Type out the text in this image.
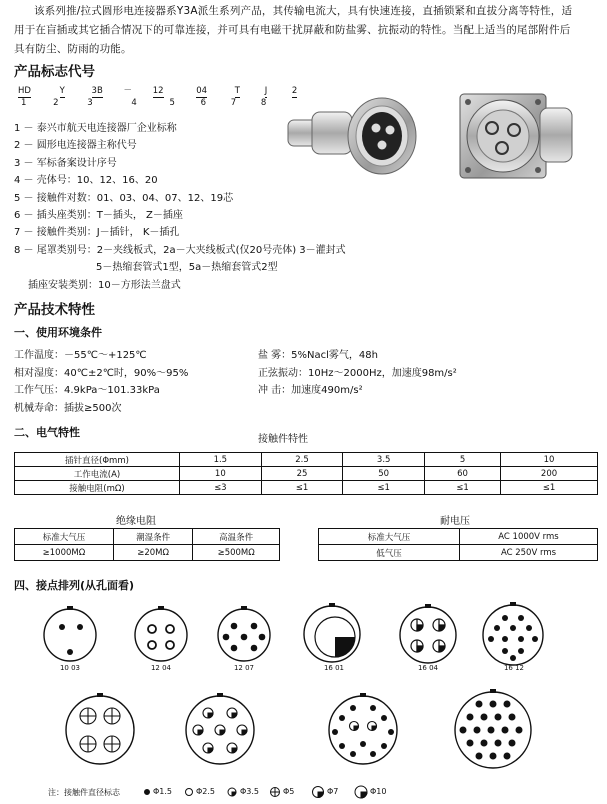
该系列推/拉式圆形电连接器系Y3A派生系列产品，其传输电流大，具有快速连接，直插锁紧和直拔分离等特性，适
用于在盲插或其它插合情况下的可靠连接，并可具有电磁干扰屏蔽和防盐雾、抗振动的特性。当配上适当的尾部附件后
具有防尘、防雨的功能。
产品标志代号
HD	Y	3B － 12	04	T	J	2
1	2	3	4	5	6	7	8
1 － 泰兴市航天电连接器厂企业标称
2 － 圆形电连接器主称代号
3 － 军标备案设计序号
4 － 壳体号：10、12、16、20
5 － 接触件对数：01、03、04、07、12、19芯
6 － 插头座类别：T－插头， Z－插座
7 － 接触件类别：J－插针， K－插孔
8 － 尾罩类别号：2－夹线板式，2a－大夹线板式(仅20号壳体) 3－灌封式
5－热缩套管式1型，5a－热缩套管式2型
插座安装类别：10－方形法兰盘式
产品技术特性
一、使用环境条件
工作温度：－55℃～+125℃
相对湿度：40℃±2℃时，90%～95%
工作气压：4.9kPa～101.33kPa
机械寿命：插拔≥500次
盐 雾：5%Nacl雾气，48h
正弦振动：10Hz～2000Hz，加速度98m/s²
冲 击：加速度490m/s²
二、电气特性
接触件特性
插针直径(Φmm)	1.5	2.5	3.5	5	10
工作电流(A)	10	25	50	60	200
接触电阻(mΩ)	≤3	≤1	≤1	≤1	≤1
绝缘电阻	耐电压
标准大气压	潮湿条件	高温条件
≥1000MΩ	≥20MΩ	≥500MΩ
标准大气压	AC 1000V rms
低气压	AC 250V rms
四、接点排列(从孔面看)
10 03	12 04	12 07	16 01	16 04	16 12
注：接触件直径标志	Φ1.5	Φ2.5	Φ3.5	Φ5	Φ7	Φ10
